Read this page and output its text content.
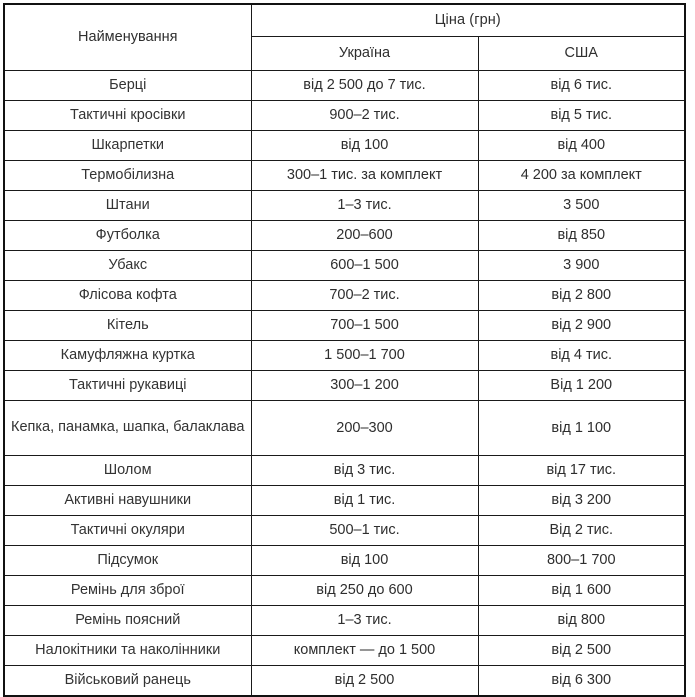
Найменування	Ціна (грн)	
	Україна	США
Берці	від 2 500 до 7 тис.	від 6 тис.
Тактичні кросівки	900–2 тис.	від 5 тис.
Шкарпетки	від 100	від 400
Термобілизна	300–1 тис. за комплект	4 200 за комплект
Штани	1–3 тис.	3 500
Футболка	200–600	від 850
Убакс	600–1 500	3 900
Флісова кофта	700–2 тис.	від 2 800
Кітель	700–1 500	від 2 900
Камуфляжна куртка	1 500–1 700	від 4 тис.
Тактичні рукавиці	300–1 200	Від 1 200
Кепка, панамка, шапка, балаклава	200–300	від 1 100
Шолом	від 3 тис.	від 17 тис.
Активні навушники	від 1 тис.	від 3 200
Тактичні окуляри	500–1 тис.	Від 2 тис.
Підсумок	від 100	800–1 700
Ремінь для зброї	від 250 до 600	від 1 600
Ремінь поясний	1–3 тис.	від 800
Налокітники та наколінники	комплект — до 1 500	від 2 500
Військовий ранець	від 2 500	від 6 300
